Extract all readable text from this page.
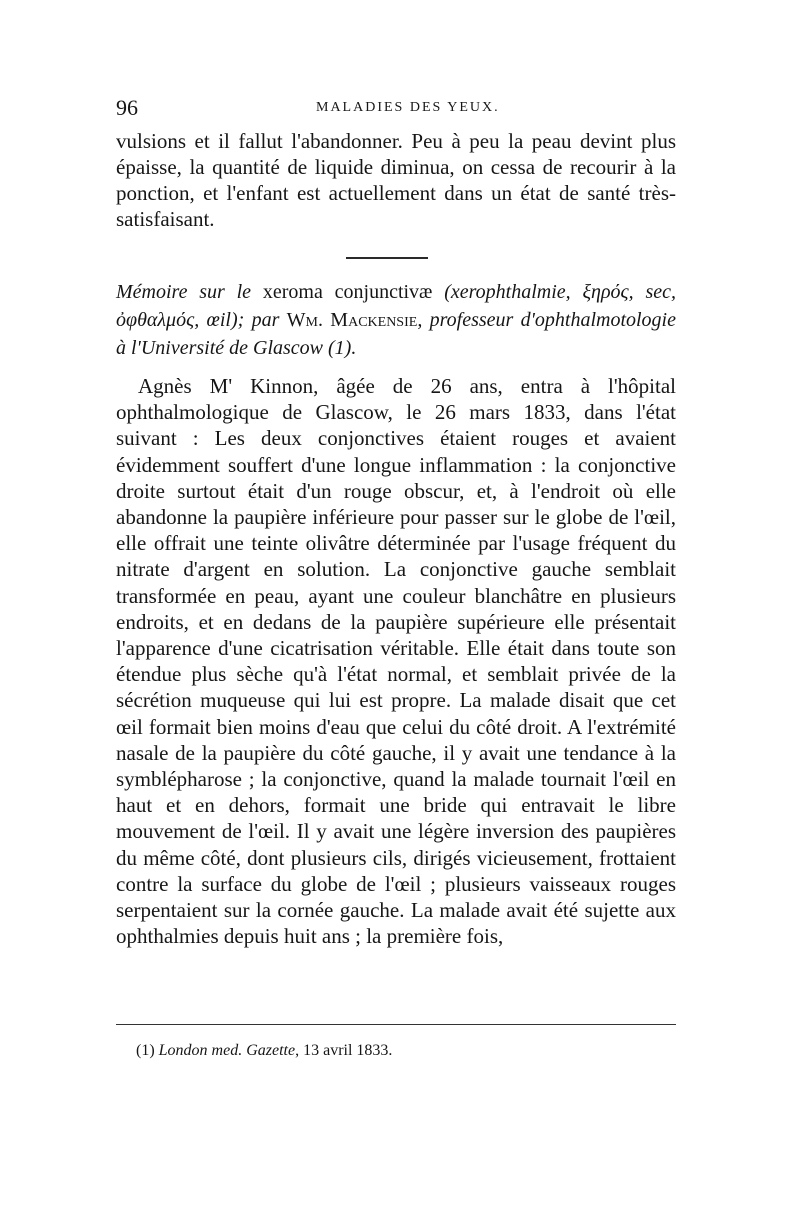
96	MALADIES DES YEUX.

vulsions et il fallut l'abandonner. Peu à peu la peau devint plus épaisse, la quantité de liquide diminua, on cessa de recourir à la ponction, et l'enfant est actuellement dans un état de santé très-satisfaisant.

Mémoire sur le xeroma conjunctivæ (xerophthalmie, ξηρός, sec, ὀφθαλμός, œil); par Wm. Mackensie, professeur d'ophthalmotologie à l'Université de Glascow (1).

Agnès M' Kinnon, âgée de 26 ans, entra à l'hôpital ophthalmologique de Glascow, le 26 mars 1833, dans l'état suivant : Les deux conjonctives étaient rouges et avaient évidemment souffert d'une longue inflammation : la conjonctive droite surtout était d'un rouge obscur, et, à l'endroit où elle abandonne la paupière inférieure pour passer sur le globe de l'œil, elle offrait une teinte olivâtre déterminée par l'usage fréquent du nitrate d'argent en solution. La conjonctive gauche semblait transformée en peau, ayant une couleur blanchâtre en plusieurs endroits, et en dedans de la paupière supérieure elle présentait l'apparence d'une cicatrisation véritable. Elle était dans toute son étendue plus sèche qu'à l'état normal, et semblait privée de la sécrétion muqueuse qui lui est propre. La malade disait que cet œil formait bien moins d'eau que celui du côté droit. A l'extrémité nasale de la paupière du côté gauche, il y avait une tendance à la symblépharose ; la conjonctive, quand la malade tournait l'œil en haut et en dehors, formait une bride qui entravait le libre mouvement de l'œil. Il y avait une légère inversion des paupières du même côté, dont plusieurs cils, dirigés vicieusement, frottaient contre la surface du globe de l'œil ; plusieurs vaisseaux rouges serpentaient sur la cornée gauche. La malade avait été sujette aux ophthalmies depuis huit ans ; la première fois,

(1) London med. Gazette, 13 avril 1833.
